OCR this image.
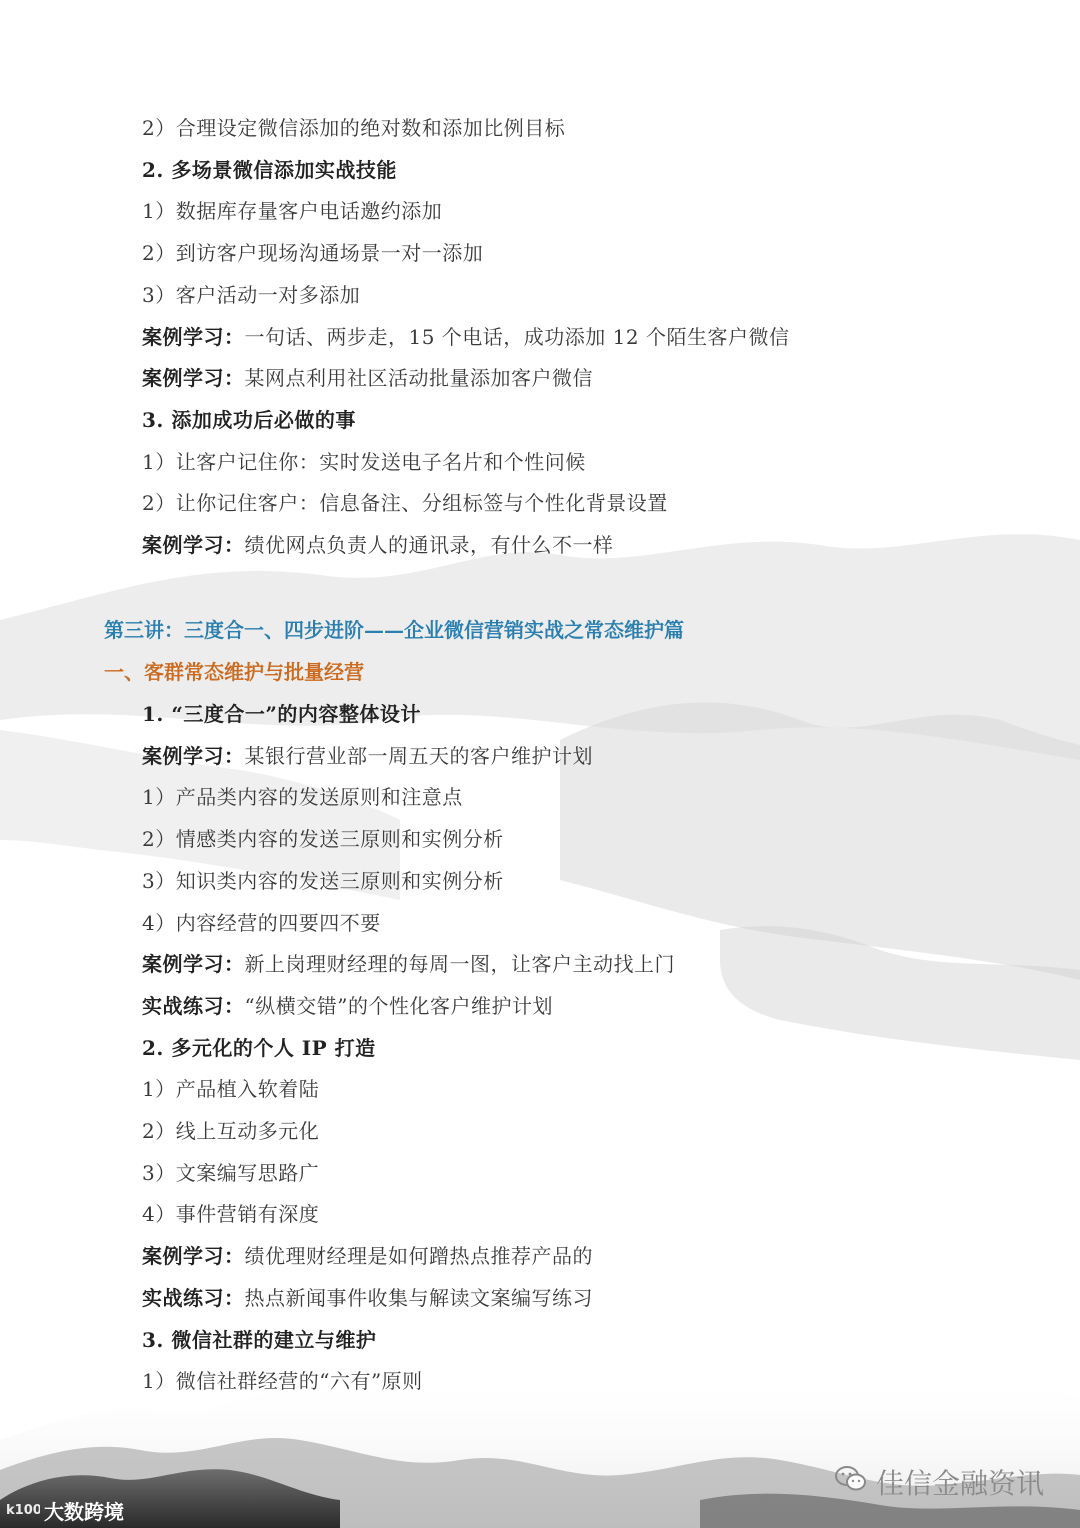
2）合理设定微信添加的绝对数和添加比例目标
2. 多场景微信添加实战技能
1）数据库存量客户电话邀约添加
2）到访客户现场沟通场景一对一添加
3）客户活动一对多添加
案例学习：一句话、两步走，15 个电话，成功添加 12 个陌生客户微信
案例学习：某网点利用社区活动批量添加客户微信
3. 添加成功后必做的事
1）让客户记住你：实时发送电子名片和个性问候
2）让你记住客户：信息备注、分组标签与个性化背景设置
案例学习：绩优网点负责人的通讯录，有什么不一样
1. “三度合一”的内容整体设计
案例学习：某银行营业部一周五天的客户维护计划
1）产品类内容的发送原则和注意点
2）情感类内容的发送三原则和实例分析
3）知识类内容的发送三原则和实例分析
4）内容经营的四要四不要
案例学习：新上岗理财经理的每周一图，让客户主动找上门
实战练习：“纵横交错”的个性化客户维护计划
2. 多元化的个人 IP 打造
1）产品植入软着陆
2）线上互动多元化
3）文案编写思路广
4）事件营销有深度
案例学习：绩优理财经理是如何蹭热点推荐产品的
实战练习：热点新闻事件收集与解读文案编写练习
3. 微信社群的建立与维护
1）微信社群经营的“六有”原则
第三讲：三度合一、四步进阶——企业微信营销实战之常态维护篇
一、客群常态维护与批量经营
k100 大数跨境
佳信金融资讯
